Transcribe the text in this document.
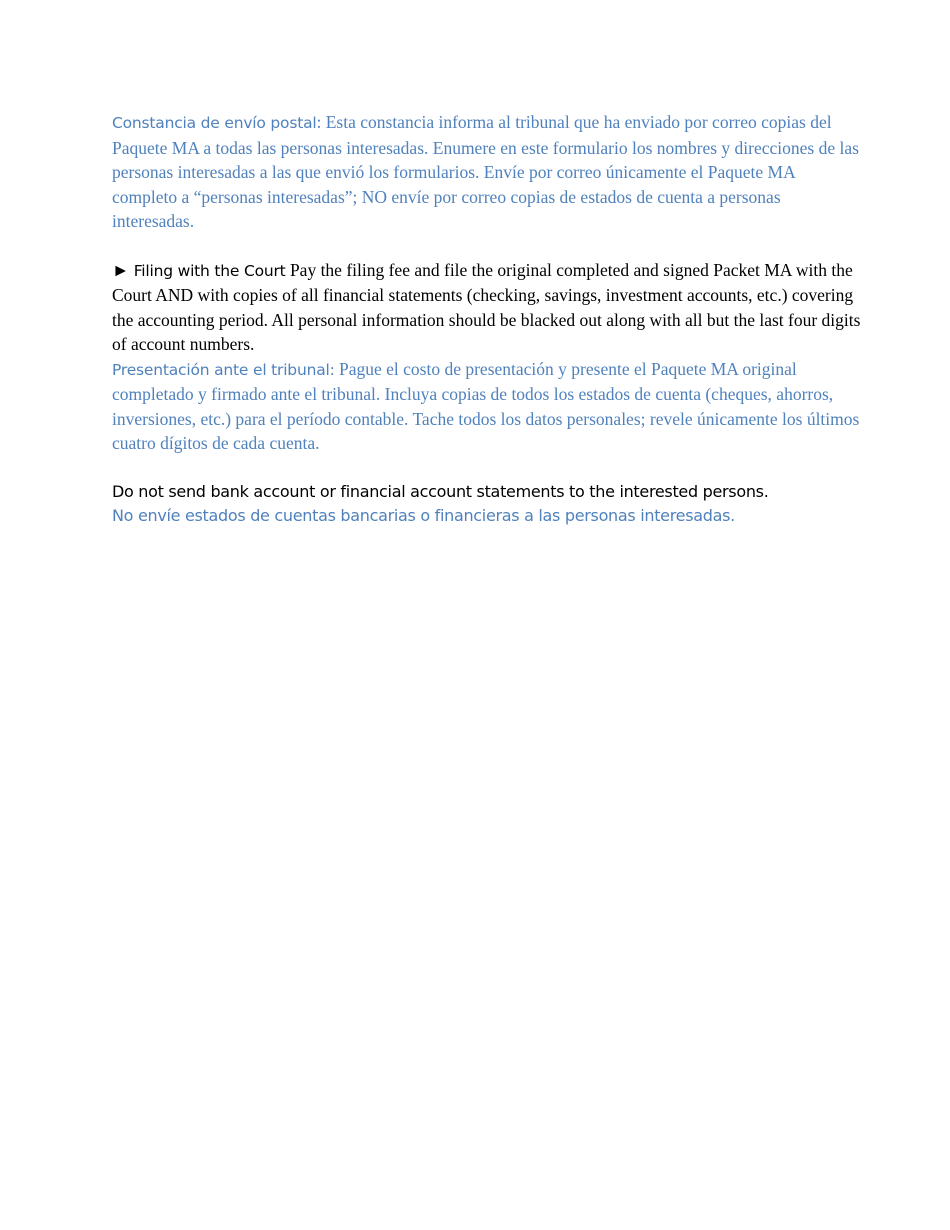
Constancia de envío postal: Esta constancia informa al tribunal que ha enviado por correo copias del Paquete MA a todas las personas interesadas. Enumere en este formulario los nombres y direcciones de las personas interesadas a las que envió los formularios. Envíe por correo únicamente el Paquete MA completo a “personas interesadas”; NO envíe por correo copias de estados de cuenta a personas interesadas.

► Filing with the Court Pay the filing fee and file the original completed and signed Packet MA with the Court AND with copies of all financial statements (checking, savings, investment accounts, etc.) covering the accounting period. All personal information should be blacked out along with all but the last four digits of account numbers.

Presentación ante el tribunal: Pague el costo de presentación y presente el Paquete MA original completado y firmado ante el tribunal. Incluya copias de todos los estados de cuenta (cheques, ahorros, inversiones, etc.) para el período contable. Tache todos los datos personales; revele únicamente los últimos cuatro dígitos de cada cuenta.

Do not send bank account or financial account statements to the interested persons.

No envíe estados de cuentas bancarias o financieras a las personas interesadas.
